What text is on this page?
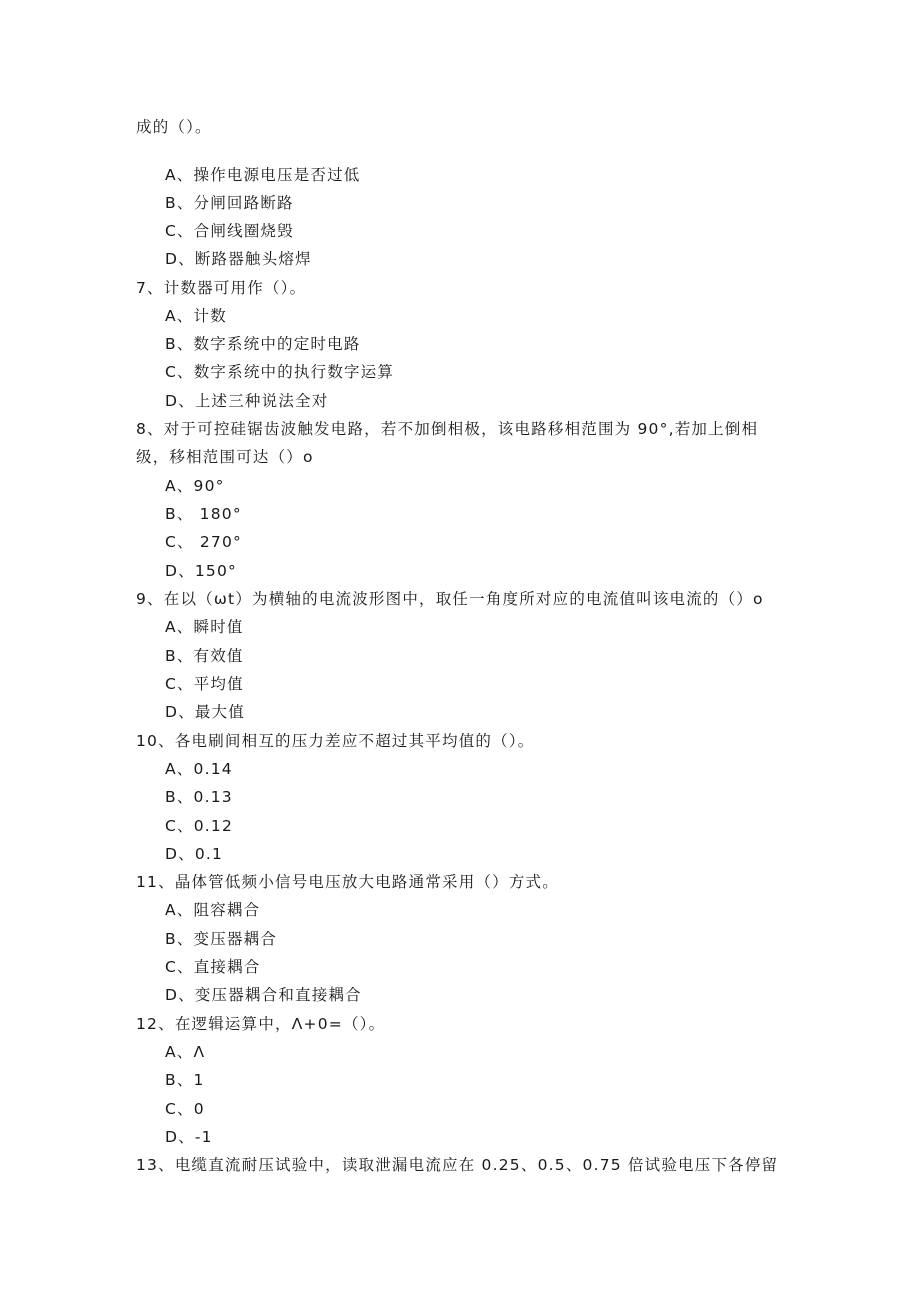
成的（）。
A、操作电源电压是否过低
B、分闸回路断路
C、合闸线圈烧毁
D、断路器触头熔焊
7、计数器可用作（）。
A、计数
B、数字系统中的定时电路
C、数字系统中的执行数字运算
D、上述三种说法全对
8、对于可控硅锯齿波触发电路，若不加倒相极，该电路移相范围为 90°,若加上倒相
级，移相范围可达（）o
A、90°
B、 180°
C、 270°
D、150°
9、在以（ωt）为横轴的电流波形图中，取任一角度所对应的电流值叫该电流的（）o
A、瞬时值
B、有效值
C、平均值
D、最大值
10、各电刷间相互的压力差应不超过其平均值的（）。
A、0.14
B、0.13
C、0.12
D、0.1
11、晶体管低频小信号电压放大电路通常采用（）方式。
A、阻容耦合
B、变压器耦合
C、直接耦合
D、变压器耦合和直接耦合
12、在逻辑运算中，Λ+0=（）。
A、Λ
B、1
C、0
D、-1
13、电缆直流耐压试验中，读取泄漏电流应在 0.25、0.5、0.75 倍试验电压下各停留
